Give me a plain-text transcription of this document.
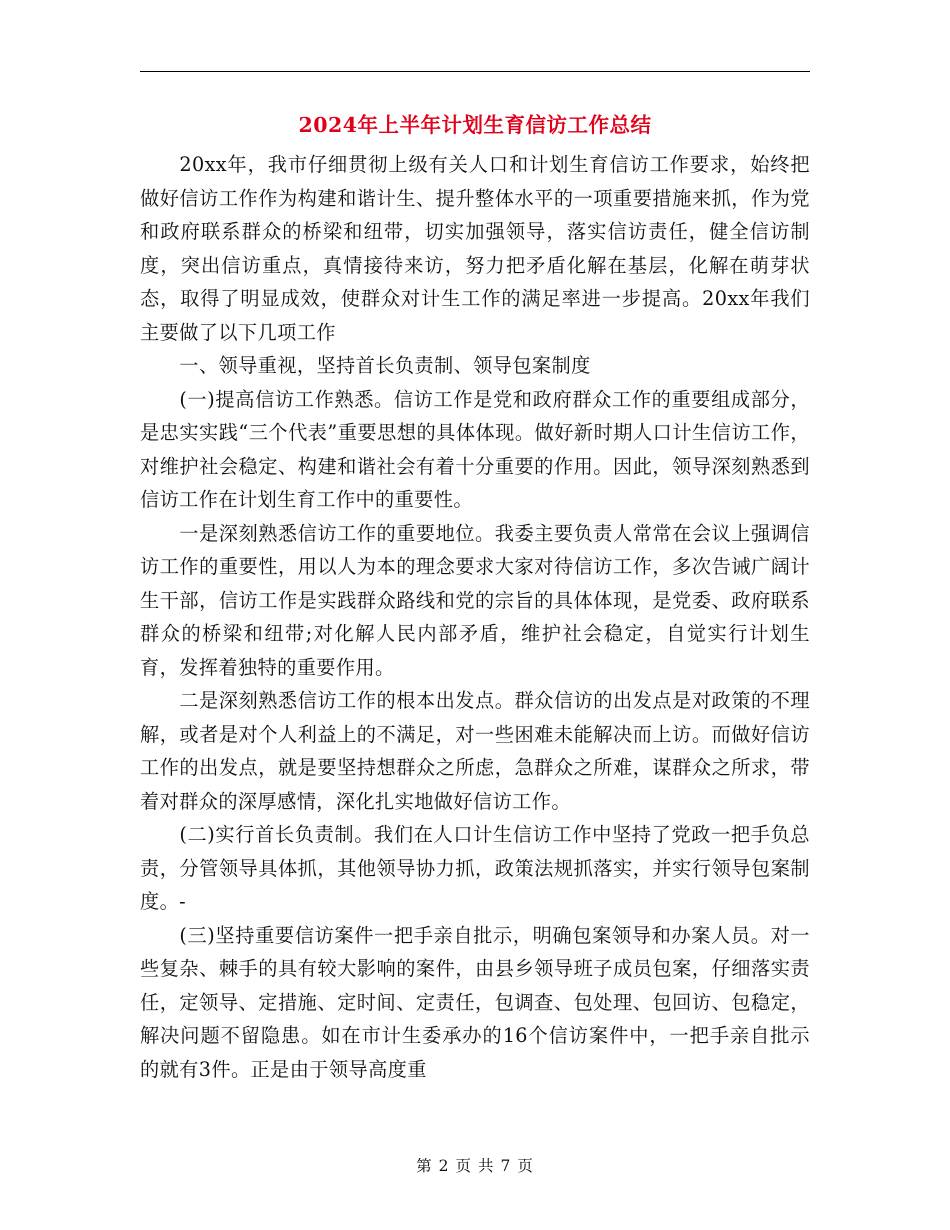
2024年上半年计划生育信访工作总结

20xx年，我市仔细贯彻上级有关人口和计划生育信访工作要求，始终把做好信访工作作为构建和谐计生、提升整体水平的一项重要措施来抓，作为党和政府联系群众的桥梁和纽带，切实加强领导，落实信访责任，健全信访制度，突出信访重点，真情接待来访，努力把矛盾化解在基层，化解在萌芽状态，取得了明显成效，使群众对计生工作的满足率进一步提高。20xx年我们主要做了以下几项工作

一、领导重视，坚持首长负责制、领导包案制度

(一)提高信访工作熟悉。信访工作是党和政府群众工作的重要组成部分，是忠实实践“三个代表”重要思想的具体体现。做好新时期人口计生信访工作，对维护社会稳定、构建和谐社会有着十分重要的作用。因此，领导深刻熟悉到信访工作在计划生育工作中的重要性。

一是深刻熟悉信访工作的重要地位。我委主要负责人常常在会议上强调信访工作的重要性，用以人为本的理念要求大家对待信访工作，多次告诫广阔计生干部，信访工作是实践群众路线和党的宗旨的具体体现，是党委、政府联系群众的桥梁和纽带;对化解人民内部矛盾，维护社会稳定，自觉实行计划生育，发挥着独特的重要作用。

二是深刻熟悉信访工作的根本出发点。群众信访的出发点是对政策的不理解，或者是对个人利益上的不满足，对一些困难未能解决而上访。而做好信访工作的出发点，就是要坚持想群众之所虑，急群众之所难，谋群众之所求，带着对群众的深厚感情，深化扎实地做好信访工作。

(二)实行首长负责制。我们在人口计生信访工作中坚持了党政一把手负总责，分管领导具体抓，其他领导协力抓，政策法规抓落实，并实行领导包案制度。-

(三)坚持重要信访案件一把手亲自批示，明确包案领导和办案人员。对一些复杂、棘手的具有较大影响的案件，由县乡领导班子成员包案，仔细落实责任，定领导、定措施、定时间、定责任，包调查、包处理、包回访、包稳定，解决问题不留隐患。如在市计生委承办的16个信访案件中，一把手亲自批示的就有3件。正是由于领导高度重

第 2 页 共 7 页
